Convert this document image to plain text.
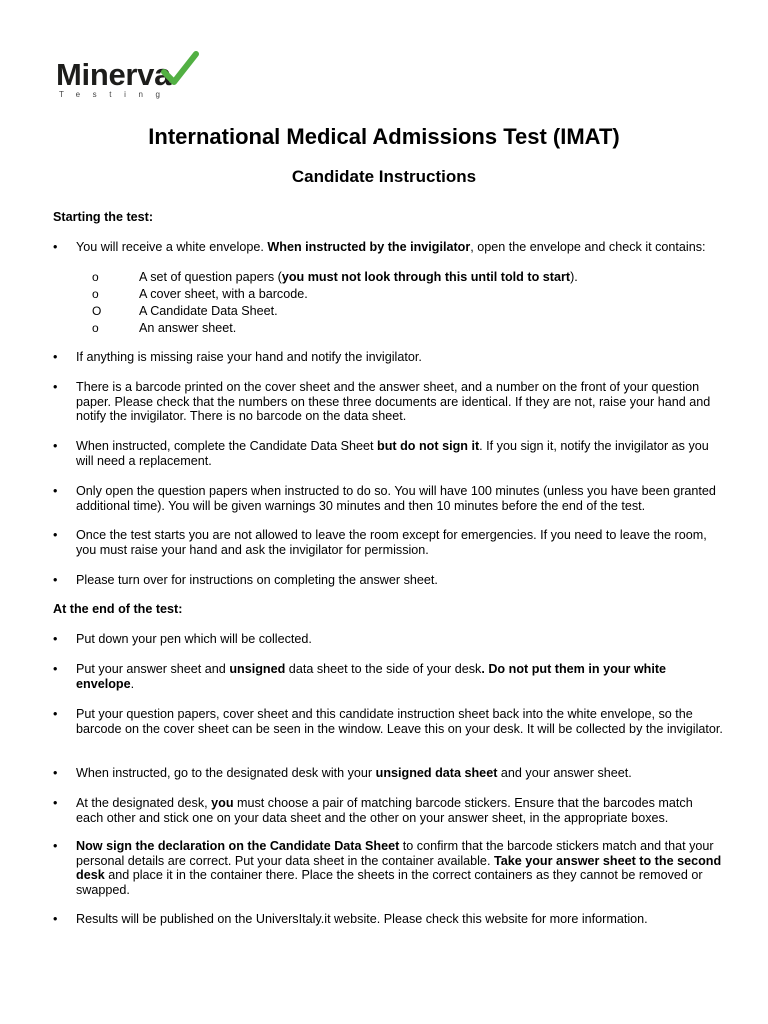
Minerva
Testing
International Medical Admissions Test (IMAT)
Candidate Instructions

Starting the test:

•	You will receive a white envelope. When instructed by the invigilator, open the envelope and check it contains:
o	A set of question papers (you must not look through this until told to start).
o	A cover sheet, with a barcode.
O	A Candidate Data Sheet.
o	An answer sheet.
•	If anything is missing raise your hand and notify the invigilator.
•	There is a barcode printed on the cover sheet and the answer sheet, and a number on the front of your question paper. Please check that the numbers on these three documents are identical. If they are not, raise your hand and notify the invigilator. There is no barcode on the data sheet.
•	When instructed, complete the Candidate Data Sheet but do not sign it. If you sign it, notify the invigilator as you will need a replacement.
•	Only open the question papers when instructed to do so. You will have 100 minutes (unless you have been granted additional time). You will be given warnings 30 minutes and then 10 minutes before the end of the test.
•	Once the test starts you are not allowed to leave the room except for emergencies. If you need to leave the room, you must raise your hand and ask the invigilator for permission.
•	Please turn over for instructions on completing the answer sheet.

At the end of the test:

•	Put down your pen which will be collected.
•	Put your answer sheet and unsigned data sheet to the side of your desk. Do not put them in your white envelope.
•	Put your question papers, cover sheet and this candidate instruction sheet back into the white envelope, so the barcode on the cover sheet can be seen in the window. Leave this on your desk. It will be collected by the invigilator.
•	When instructed, go to the designated desk with your unsigned data sheet and your answer sheet.
•	At the designated desk, you must choose a pair of matching barcode stickers. Ensure that the barcodes match each other and stick one on your data sheet and the other on your answer sheet, in the appropriate boxes.
•	Now sign the declaration on the Candidate Data Sheet to confirm that the barcode stickers match and that your personal details are correct. Put your data sheet in the container available. Take your answer sheet to the second desk and place it in the container there. Place the sheets in the correct containers as they cannot be removed or swapped.
•	Results will be published on the UniversItaly.it website. Please check this website for more information.
